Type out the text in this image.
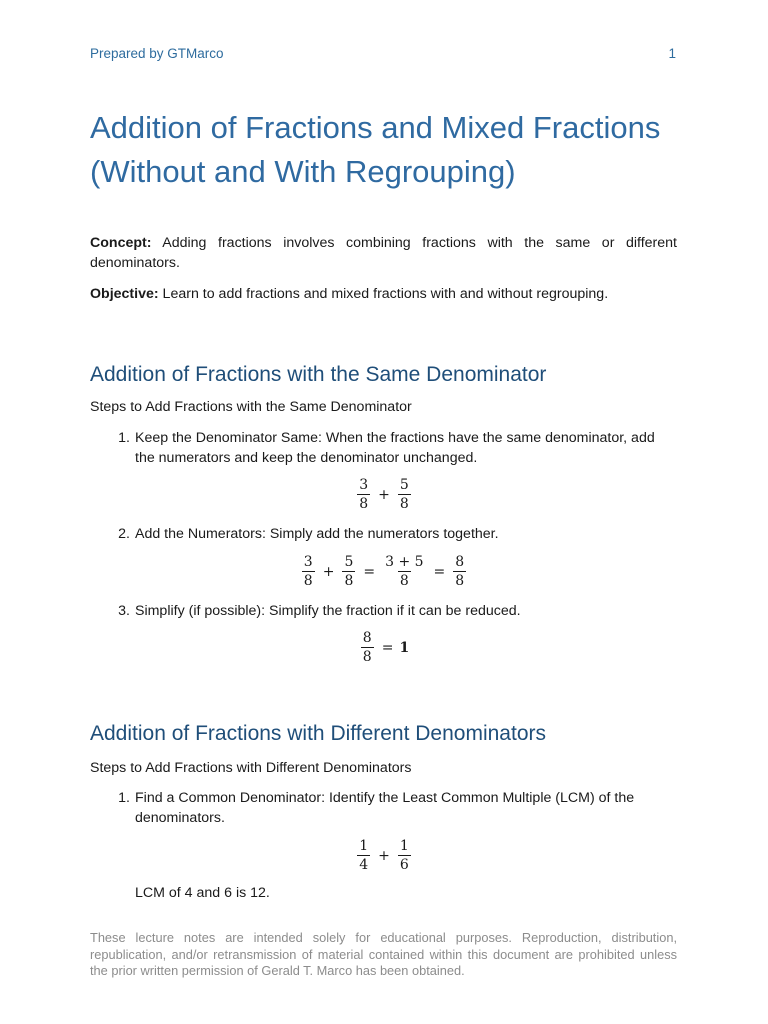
Prepared by GTMarco	1
Addition of Fractions and Mixed Fractions
(Without and With Regrouping)

Concept: Adding fractions involves combining fractions with the same or different denominators.

Objective: Learn to add fractions and mixed fractions with and without regrouping.

Addition of Fractions with the Same Denominator

Steps to Add Fractions with the Same Denominator

1. Keep the Denominator Same: When the fractions have the same denominator, add the numerators and keep the denominator unchanged.
$\frac{3}{8} + \frac{5}{8}$
2. Add the Numerators: Simply add the numerators together.
$\frac{3}{8} + \frac{5}{8} = \frac{3 + 5}{8} = \frac{8}{8}$
3. Simplify (if possible): Simplify the fraction if it can be reduced.
$\frac{8}{8} = 1$
Addition of Fractions with Different Denominators

Steps to Add Fractions with Different Denominators

1. Find a Common Denominator: Identify the Least Common Multiple (LCM) of the denominators.
$\frac{1}{4} + \frac{1}{6}$

LCM of 4 and 6 is 12.

These lecture notes are intended solely for educational purposes. Reproduction, distribution, republication, and/or retransmission of material contained within this document are prohibited unless the prior written permission of Gerald T. Marco has been obtained.
